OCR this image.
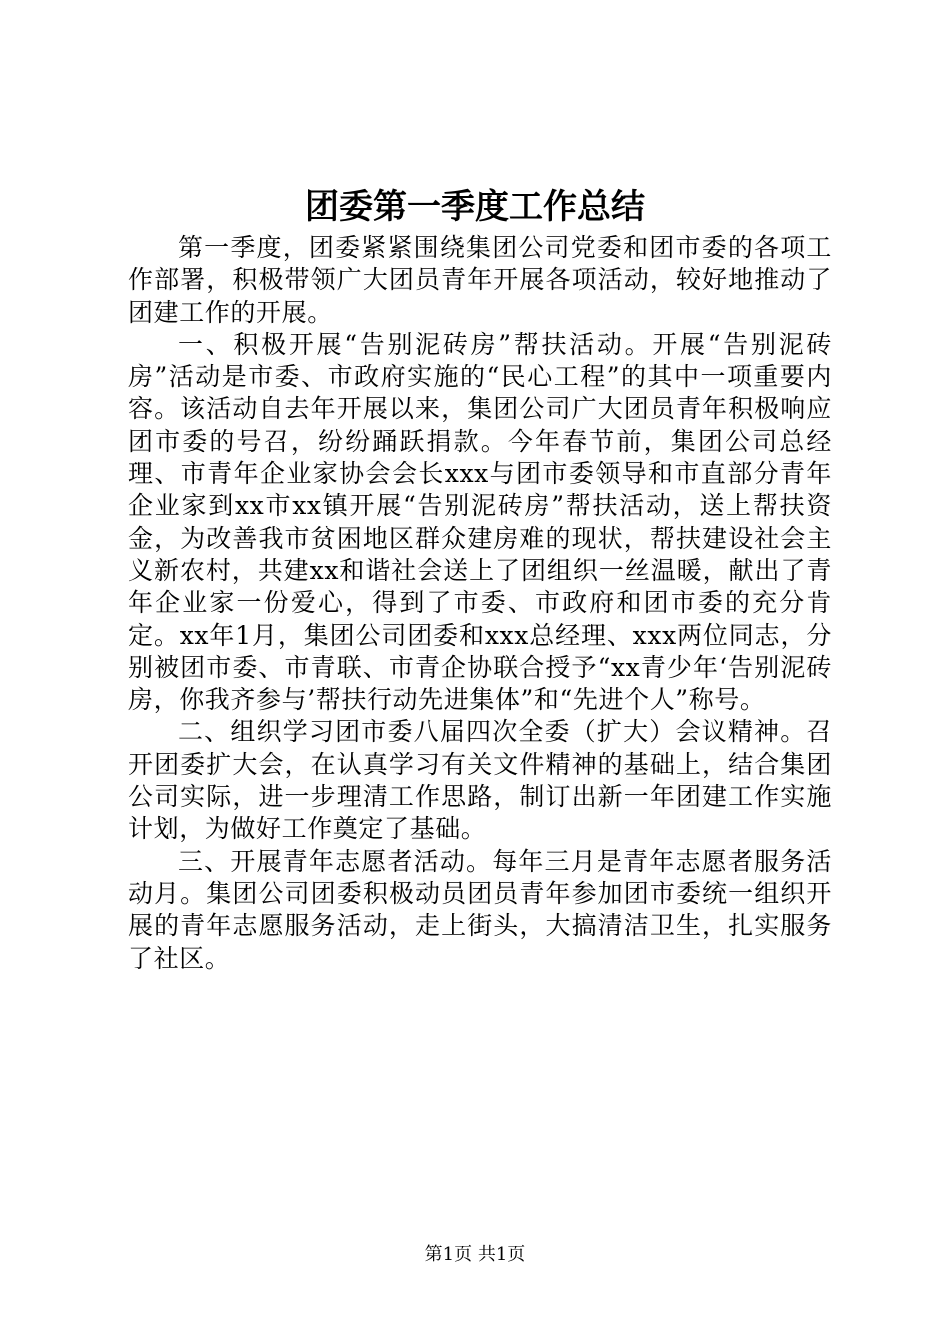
团委第一季度工作总结

第一季度，团委紧紧围绕集团公司党委和团市委的各项工作部署，积极带领广大团员青年开展各项活动，较好地推动了团建工作的开展。

一、积极开展“告别泥砖房”帮扶活动。开展“告别泥砖房”活动是市委、市政府实施的“民心工程”的其中一项重要内容。该活动自去年开展以来，集团公司广大团员青年积极响应团市委的号召，纷纷踊跃捐款。今年春节前，集团公司总经理、市青年企业家协会会长xxx与团市委领导和市直部分青年企业家到xx市xx镇开展“告别泥砖房”帮扶活动，送上帮扶资金，为改善我市贫困地区群众建房难的现状，帮扶建设社会主义新农村，共建xx和谐社会送上了团组织一丝温暖，献出了青年企业家一份爱心，得到了市委、市政府和团市委的充分肯定。xx年1月，集团公司团委和xxx总经理、xxx两位同志，分别被团市委、市青联、市青企协联合授予“xx青少年‘告别泥砖房，你我齐参与’帮扶行动先进集体”和“先进个人”称号。

二、组织学习团市委八届四次全委（扩大）会议精神。召开团委扩大会，在认真学习有关文件精神的基础上，结合集团公司实际，进一步理清工作思路，制订出新一年团建工作实施计划，为做好工作奠定了基础。

三、开展青年志愿者活动。每年三月是青年志愿者服务活动月。集团公司团委积极动员团员青年参加团市委统一组织开展的青年志愿服务活动，走上街头，大搞清洁卫生，扎实服务了社区。

第1页 共1页
